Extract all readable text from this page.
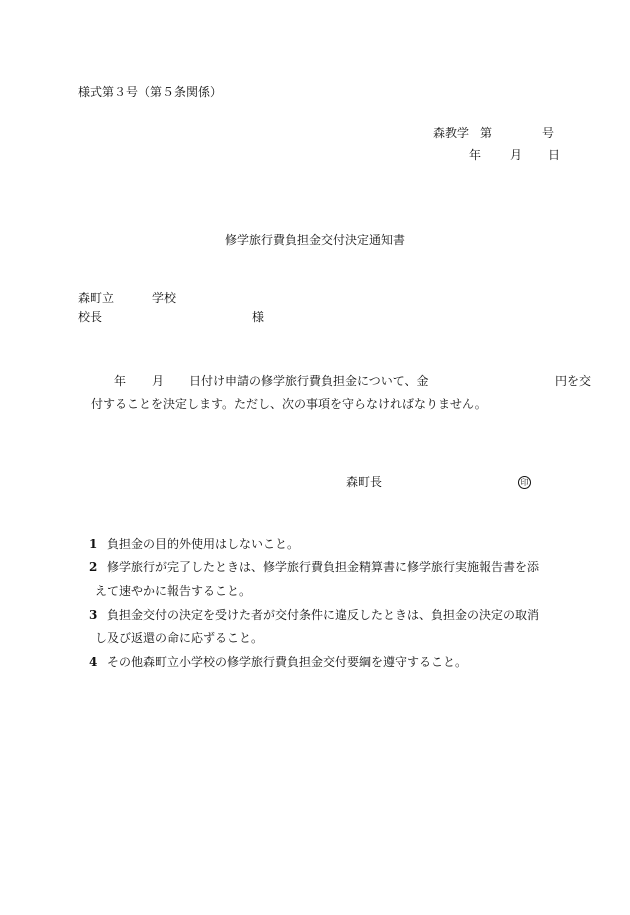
様式第３号（第５条関係）
森教学 第	号
年 月 日
修学旅行費負担金交付決定通知書
森町立	学校
校長	様
年 月 日付け申請の修学旅行費負担金について、金	円を交
付することを決定します。ただし、次の事項を守らなければなりません。
森町長	印
1 負担金の目的外使用はしないこと。
2 修学旅行が完了したときは、修学旅行費負担金精算書に修学旅行実施報告書を添
えて速やかに報告すること。
3 負担金交付の決定を受けた者が交付条件に違反したときは、負担金の決定の取消
し及び返還の命に応ずること。
4 その他森町立小学校の修学旅行費負担金交付要綱を遵守すること。
